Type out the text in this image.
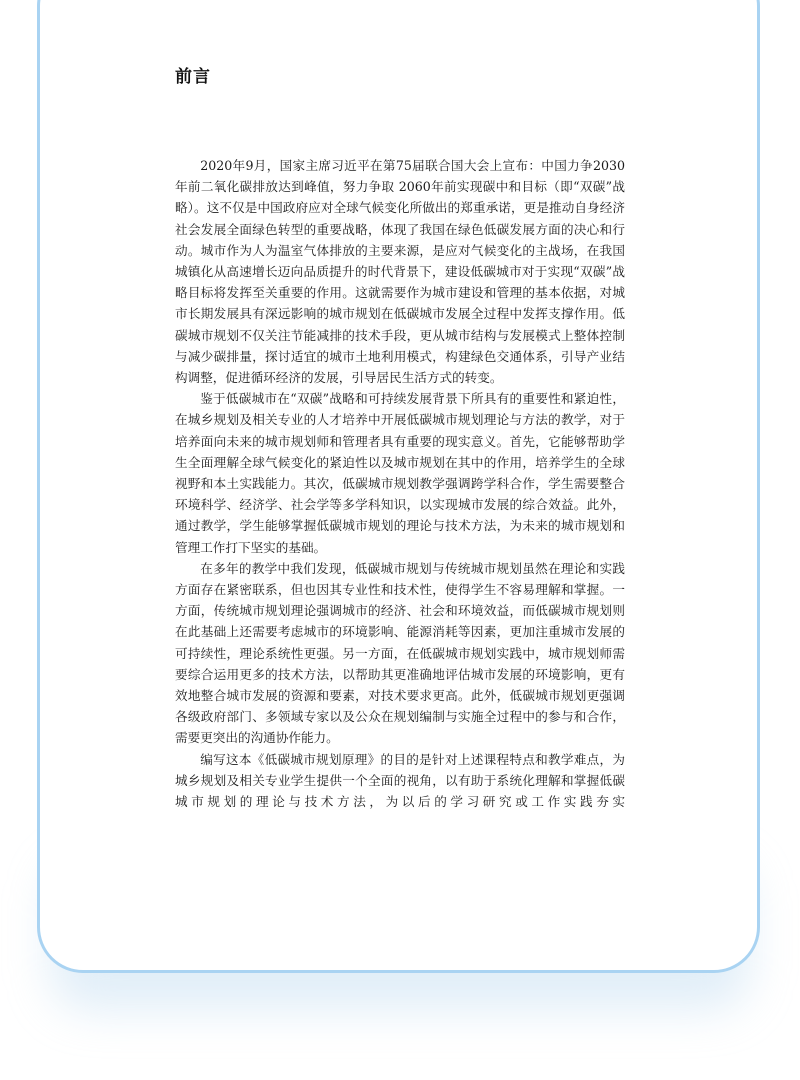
前言

2020年9月，国家主席习近平在第75届联合国大会上宣布：中国力争2030年前二氧化碳排放达到峰值，努力争取 2060年前实现碳中和目标（即“双碳”战略）。这不仅是中国政府应对全球气候变化所做出的郑重承诺，更是推动自身经济社会发展全面绿色转型的重要战略，体现了我国在绿色低碳发展方面的决心和行动。城市作为人为温室气体排放的主要来源，是应对气候变化的主战场，在我国城镇化从高速增长迈向品质提升的时代背景下，建设低碳城市对于实现“双碳”战略目标将发挥至关重要的作用。这就需要作为城市建设和管理的基本依据，对城市长期发展具有深远影响的城市规划在低碳城市发展全过程中发挥支撑作用。低碳城市规划不仅关注节能减排的技术手段，更从城市结构与发展模式上整体控制与减少碳排量，探讨适宜的城市土地利用模式，构建绿色交通体系，引导产业结构调整，促进循环经济的发展，引导居民生活方式的转变。

鉴于低碳城市在“双碳”战略和可持续发展背景下所具有的重要性和紧迫性，在城乡规划及相关专业的人才培养中开展低碳城市规划理论与方法的教学，对于培养面向未来的城市规划师和管理者具有重要的现实意义。首先，它能够帮助学生全面理解全球气候变化的紧迫性以及城市规划在其中的作用，培养学生的全球视野和本土实践能力。其次，低碳城市规划教学强调跨学科合作，学生需要整合环境科学、经济学、社会学等多学科知识，以实现城市发展的综合效益。此外，通过教学，学生能够掌握低碳城市规划的理论与技术方法，为未来的城市规划和管理工作打下坚实的基础。

在多年的教学中我们发现，低碳城市规划与传统城市规划虽然在理论和实践方面存在紧密联系，但也因其专业性和技术性，使得学生不容易理解和掌握。一方面，传统城市规划理论强调城市的经济、社会和环境效益，而低碳城市规划则在此基础上还需要考虑城市的环境影响、能源消耗等因素，更加注重城市发展的可持续性，理论系统性更强。另一方面，在低碳城市规划实践中，城市规划师需要综合运用更多的技术方法，以帮助其更准确地评估城市发展的环境影响，更有效地整合城市发展的资源和要素，对技术要求更高。此外，低碳城市规划更强调各级政府部门、多领域专家以及公众在规划编制与实施全过程中的参与和合作，需要更突出的沟通协作能力。

编写这本《低碳城市规划原理》的目的是针对上述课程特点和教学难点，为城乡规划及相关专业学生提供一个全面的视角，以有助于系统化理解和掌握低碳城市规划的理论与技术方法，为以后的学习研究或工作实践夯实
